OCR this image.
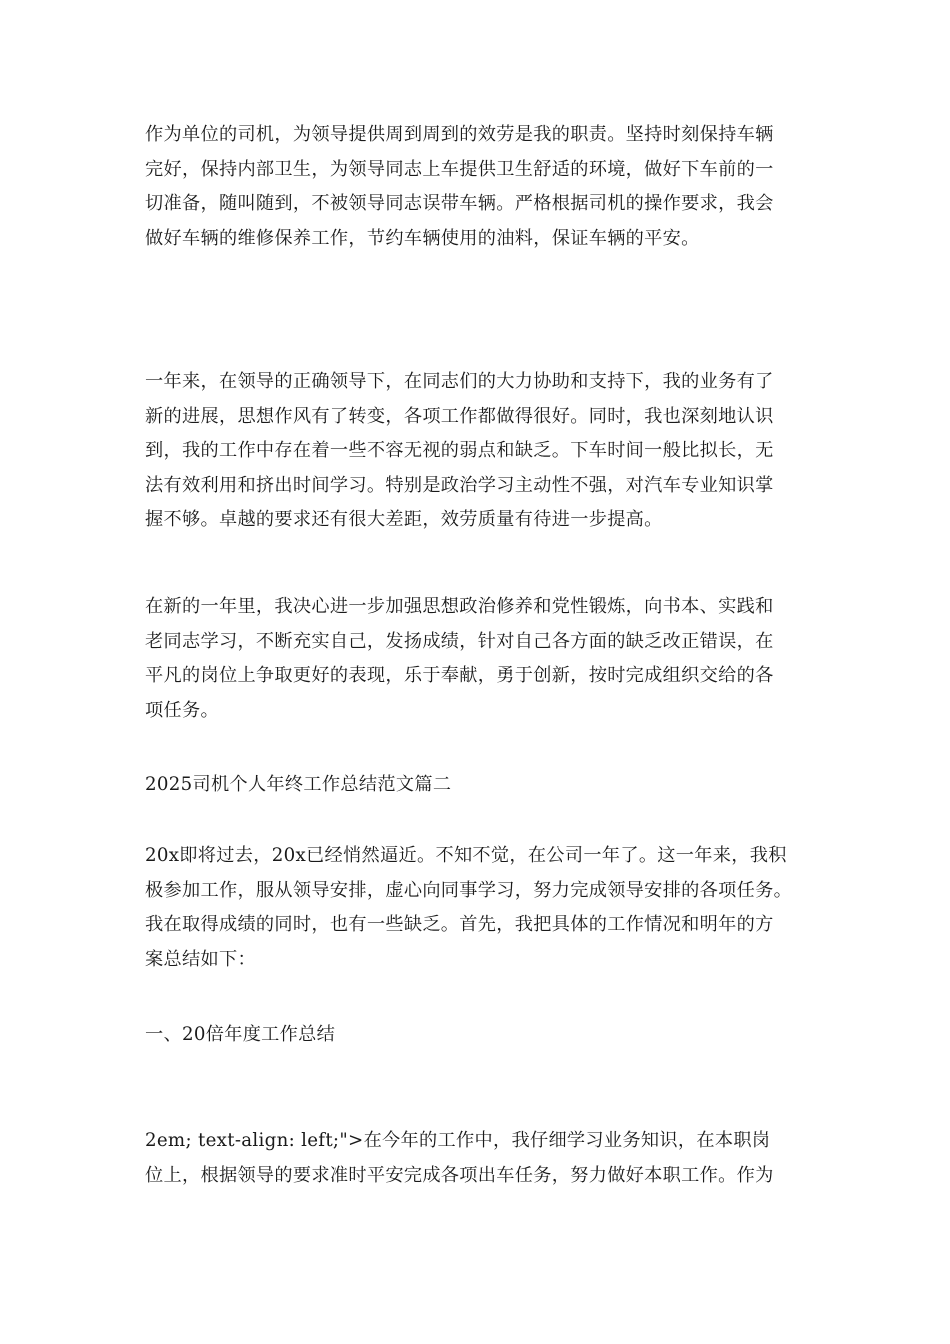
作为单位的司机，为领导提供周到周到的效劳是我的职责。坚持时刻保持车辆
完好，保持内部卫生，为领导同志上车提供卫生舒适的环境，做好下车前的一
切准备，随叫随到，不被领导同志误带车辆。严格根据司机的操作要求，我会
做好车辆的维修保养工作，节约车辆使用的油料，保证车辆的平安。
一年来，在领导的正确领导下，在同志们的大力协助和支持下，我的业务有了
新的进展，思想作风有了转变，各项工作都做得很好。同时，我也深刻地认识
到，我的工作中存在着一些不容无视的弱点和缺乏。下车时间一般比拟长，无
法有效利用和挤出时间学习。特别是政治学习主动性不强，对汽车专业知识掌
握不够。卓越的要求还有很大差距，效劳质量有待进一步提高。
在新的一年里，我决心进一步加强思想政治修养和党性锻炼，向书本、实践和
老同志学习，不断充实自己，发扬成绩，针对自己各方面的缺乏改正错误，在
平凡的岗位上争取更好的表现，乐于奉献，勇于创新，按时完成组织交给的各
项任务。
2025司机个人年终工作总结范文篇二
20x即将过去，20x已经悄然逼近。不知不觉，在公司一年了。这一年来，我积
极参加工作，服从领导安排，虚心向同事学习，努力完成领导安排的各项任务。
我在取得成绩的同时，也有一些缺乏。首先，我把具体的工作情况和明年的方
案总结如下：
一、20倍年度工作总结
2em; text-align: left;">在今年的工作中，我仔细学习业务知识，在本职岗
位上，根据领导的要求准时平安完成各项出车任务，努力做好本职工作。作为
